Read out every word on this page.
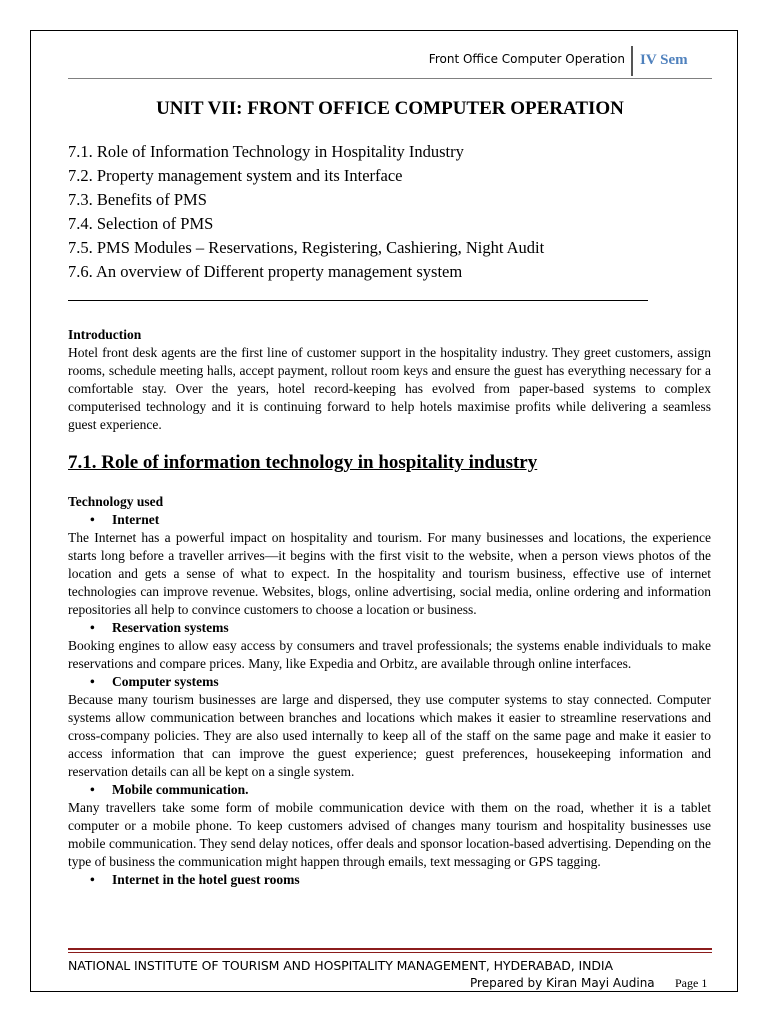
Front Office Computer Operation IV Sem
UNIT VII: FRONT OFFICE COMPUTER OPERATION
7.1. Role of Information Technology in Hospitality Industry
7.2. Property management system and its Interface
7.3. Benefits of PMS
7.4. Selection of PMS
7.5. PMS Modules – Reservations, Registering, Cashiering, Night Audit
7.6. An overview of Different property management system

Introduction

Hotel front desk agents are the first line of customer support in the hospitality industry. They greet customers, assign rooms, schedule meeting halls, accept payment, rollout room keys and ensure the guest has everything necessary for a comfortable stay. Over the years, hotel record-keeping has evolved from paper-based systems to complex computerised technology and it is continuing forward to help hotels maximise profits while delivering a seamless guest experience.

7.1. Role of information technology in hospitality industry

Technology used

•	Internet

The Internet has a powerful impact on hospitality and tourism. For many businesses and locations, the experience starts long before a traveller arrives—it begins with the first visit to the website, when a person views photos of the location and gets a sense of what to expect. In the hospitality and tourism business, effective use of internet technologies can improve revenue. Websites, blogs, online advertising, social media, online ordering and information repositories all help to convince customers to choose a location or business.

•	Reservation systems

Booking engines to allow easy access by consumers and travel professionals; the systems enable individuals to make reservations and compare prices. Many, like Expedia and Orbitz, are available through online interfaces.

•	Computer systems

Because many tourism businesses are large and dispersed, they use computer systems to stay connected. Computer systems allow communication between branches and locations which makes it easier to streamline reservations and cross-company policies. They are also used internally to keep all of the staff on the same page and make it easier to access information that can improve the guest experience; guest preferences, housekeeping information and reservation details can all be kept on a single system.

•	Mobile communication.

Many travellers take some form of mobile communication device with them on the road, whether it is a tablet computer or a mobile phone. To keep customers advised of changes many tourism and hospitality businesses use mobile communication. They send delay notices, offer deals and sponsor location-based advertising. Depending on the type of business the communication might happen through emails, text messaging or GPS tagging.

•	Internet in the hotel guest rooms

NATIONAL INSTITUTE OF TOURISM AND HOSPITALITY MANAGEMENT, HYDERABAD, INDIA
Prepared by Kiran Mayi Audina Page 1
